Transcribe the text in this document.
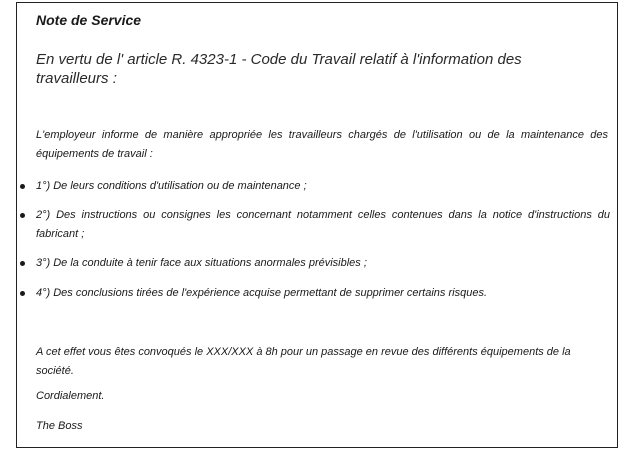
Note de Service
En vertu de l' article R. 4323-1 - Code du Travail relatif à l'information des travailleurs :
L'employeur informe de manière appropriée les travailleurs chargés de l'utilisation ou de la maintenance des équipements de travail :
1°) De leurs conditions d'utilisation ou de maintenance ;
2°) Des instructions ou consignes les concernant notamment celles contenues dans la notice d'instructions du fabricant ;
3°) De la conduite à tenir face aux situations anormales prévisibles ;
4°) Des conclusions tirées de l'expérience acquise permettant de supprimer certains risques.
A cet effet vous êtes convoqués le XXX/XXX à 8h pour un passage en revue des différents équipements de la société.
Cordialement.
The Boss
